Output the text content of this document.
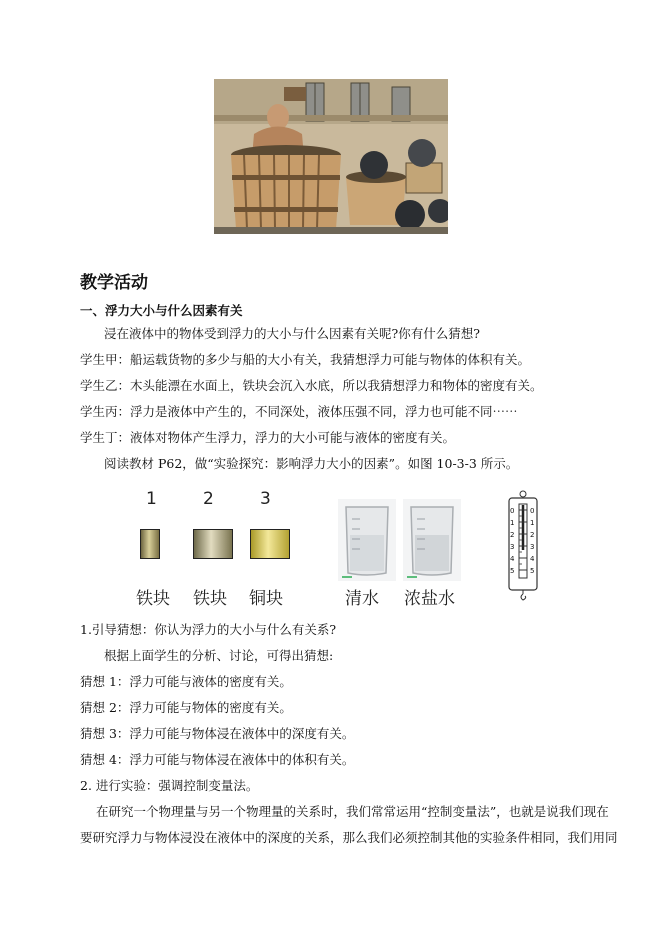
教学活动
一、浮力大小与什么因素有关
浸在液体中的物体受到浮力的大小与什么因素有关呢?你有什么猜想?
学生甲：船运载货物的多少与船的大小有关，我猜想浮力可能与物体的体积有关。
学生乙：木头能漂在水面上，铁块会沉入水底，所以我猜想浮力和物体的密度有关。
学生丙：浮力是液体中产生的，不同深处，液体压强不同，浮力也可能不同⋯⋯
学生丁：液体对物体产生浮力，浮力的大小可能与液体的密度有关。
阅读教材 P62，做“实验探究：影响浮力大小的因素”。如图 10-3-3 所示。
1	2	3
铁块 铁块 铜块	清水 浓盐水
0
1
2
3
4
5
0
1
2
3
4
5
1.引导猜想：你认为浮力的大小与什么有关系?
根据上面学生的分析、讨论，可得出猜想:
猜想 1：浮力可能与液体的密度有关。
猜想 2：浮力可能与物体的密度有关。
猜想 3：浮力可能与物体浸在液体中的深度有关。
猜想 4：浮力可能与物体浸在液体中的体积有关。
2. 进行实验：强调控制变量法。
在研究一个物理量与另一个物理量的关系时，我们常常运用“控制变量法”，也就是说我们现在
要研究浮力与物体浸没在液体中的深度的关系，那么我们必须控制其他的实验条件相同，我们用同
